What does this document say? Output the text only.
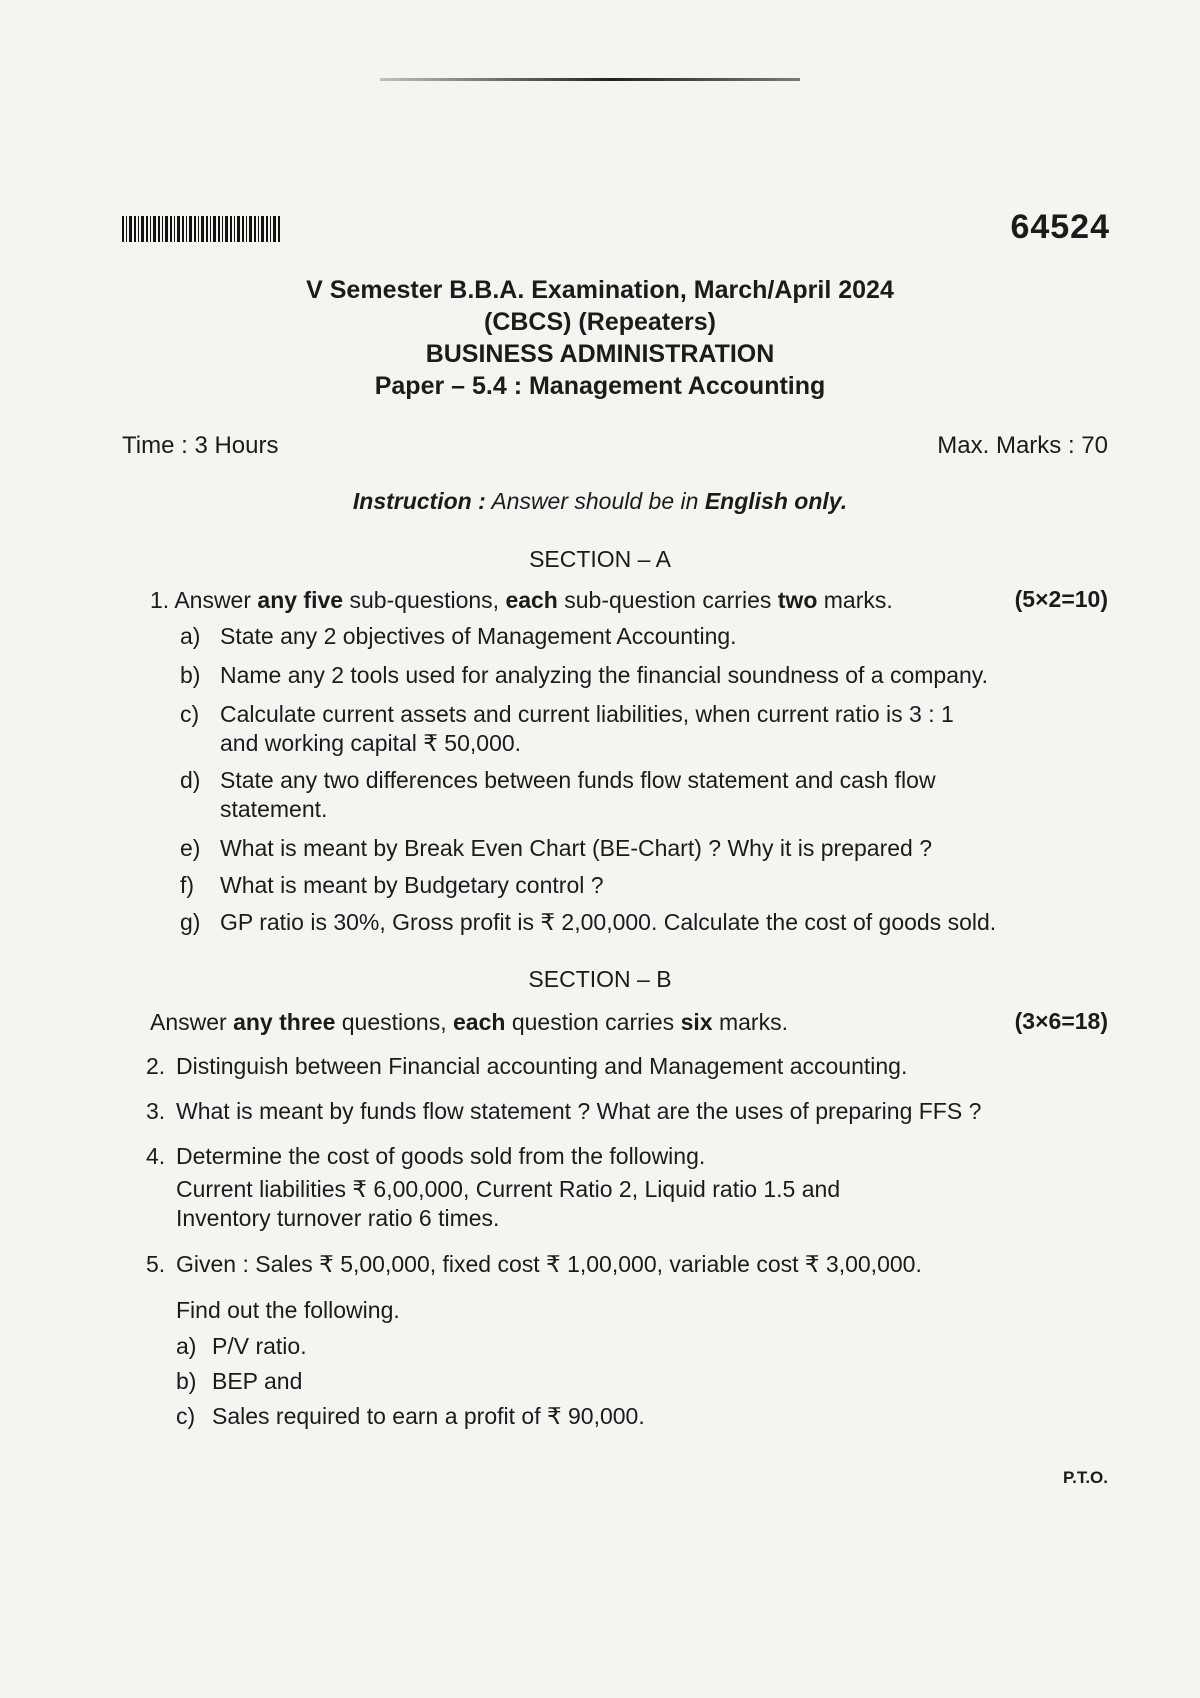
64524
V Semester B.B.A. Examination, March/April 2024
(CBCS) (Repeaters)
BUSINESS ADMINISTRATION
Paper – 5.4 : Management Accounting
Time : 3 Hours	Max. Marks : 70
Instruction : Answer should be in English only.
SECTION – A
1. Answer any five sub-questions, each sub-question carries two marks.	(5×2=10)
a) State any 2 objectives of Management Accounting.
b) Name any 2 tools used for analyzing the financial soundness of a company.
c) Calculate current assets and current liabilities, when current ratio is 3 : 1
and working capital ₹ 50,000.
d) State any two differences between funds flow statement and cash flow
statement.
e) What is meant by Break Even Chart (BE-Chart) ? Why it is prepared ?
f) What is meant by Budgetary control ?
g) GP ratio is 30%, Gross profit is ₹ 2,00,000. Calculate the cost of goods sold.
SECTION – B
Answer any three questions, each question carries six marks.	(3×6=18)
2. Distinguish between Financial accounting and Management accounting.
3. What is meant by funds flow statement ? What are the uses of preparing FFS ?
4. Determine the cost of goods sold from the following.
Current liabilities ₹ 6,00,000, Current Ratio 2, Liquid ratio 1.5 and
Inventory turnover ratio 6 times.
5. Given : Sales ₹ 5,00,000, fixed cost ₹ 1,00,000, variable cost ₹ 3,00,000.
Find out the following.
a) P/V ratio.
b) BEP and
c) Sales required to earn a profit of ₹ 90,000.
P.T.O.
